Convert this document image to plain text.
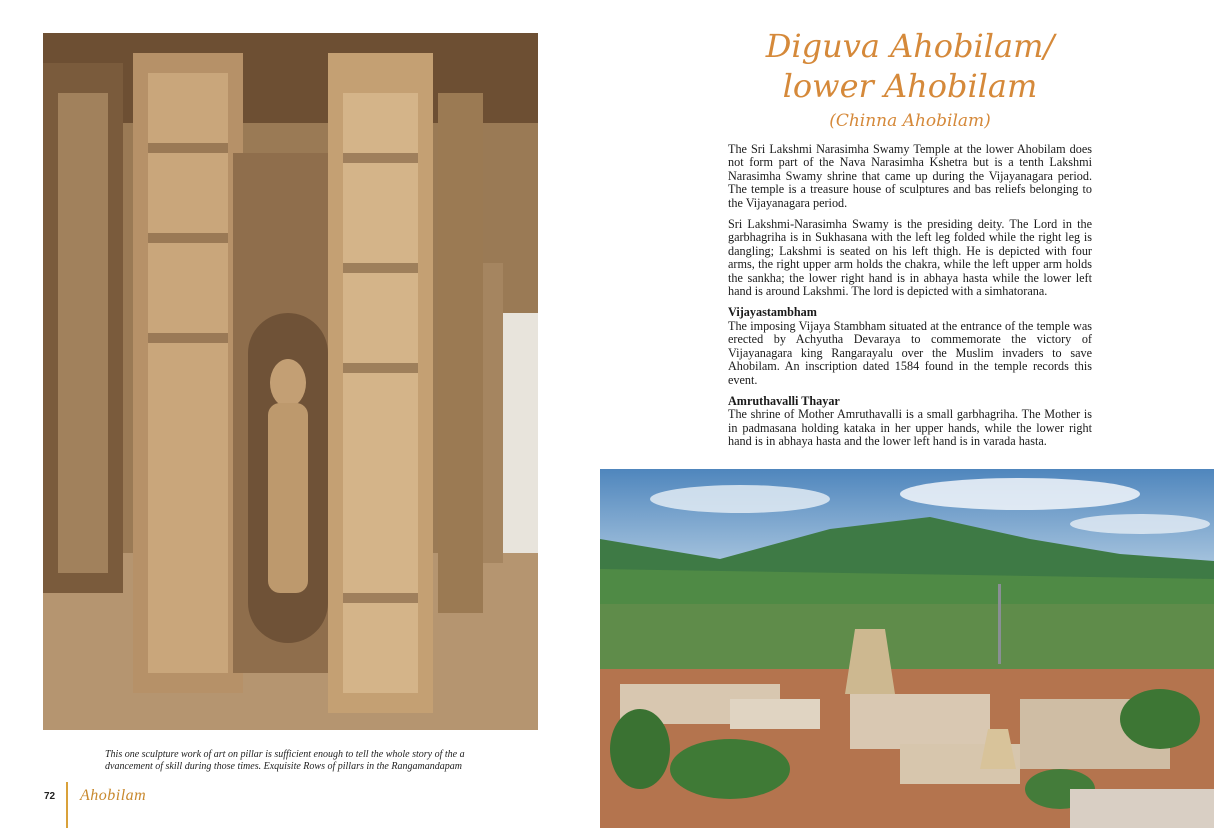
This one sculpture work of art on pillar is sufficient enough to tell the whole story of the a dvancement of skill during those times. Exquisite Rows of pillars in the Rangamandapam
72 Ahobilam
Diguva Ahobilam/
lower Ahobilam
(Chinna Ahobilam)

The Sri Lakshmi Narasimha Swamy Temple at the lower Ahobilam does not form part of the Nava Narasimha Kshetra but is a tenth Lakshmi Narasimha Swamy shrine that came up during the Vijayanagara period. The temple is a treasure house of sculptures and bas reliefs belonging to the Vijayanagara period.

Sri Lakshmi-Narasimha Swamy is the presiding deity. The Lord in the garbhagriha is in Sukhasana with the left leg folded while the right leg is dangling; Lakshmi is seated on his left thigh. He is depicted with four arms, the right upper arm holds the chakra, while the left upper arm holds the sankha; the lower right hand is in abhaya hasta while the lower left hand is around Lakshmi. The lord is depicted with a simhatorana.

Vijayastambham

The imposing Vijaya Stambham situated at the entrance of the temple was erected by Achyutha Devaraya to commemorate the victory of Vijayanagara king Rangarayalu over the Muslim invaders to save Ahobilam. An inscription dated 1584 found in the temple records this event.

Amruthavalli Thayar

The shrine of Mother Amruthavalli is a small garbhagriha. The Mother is in padmasana holding kataka in her upper hands, while the lower right hand is in abhaya hasta and the lower left hand is in varada hasta.
